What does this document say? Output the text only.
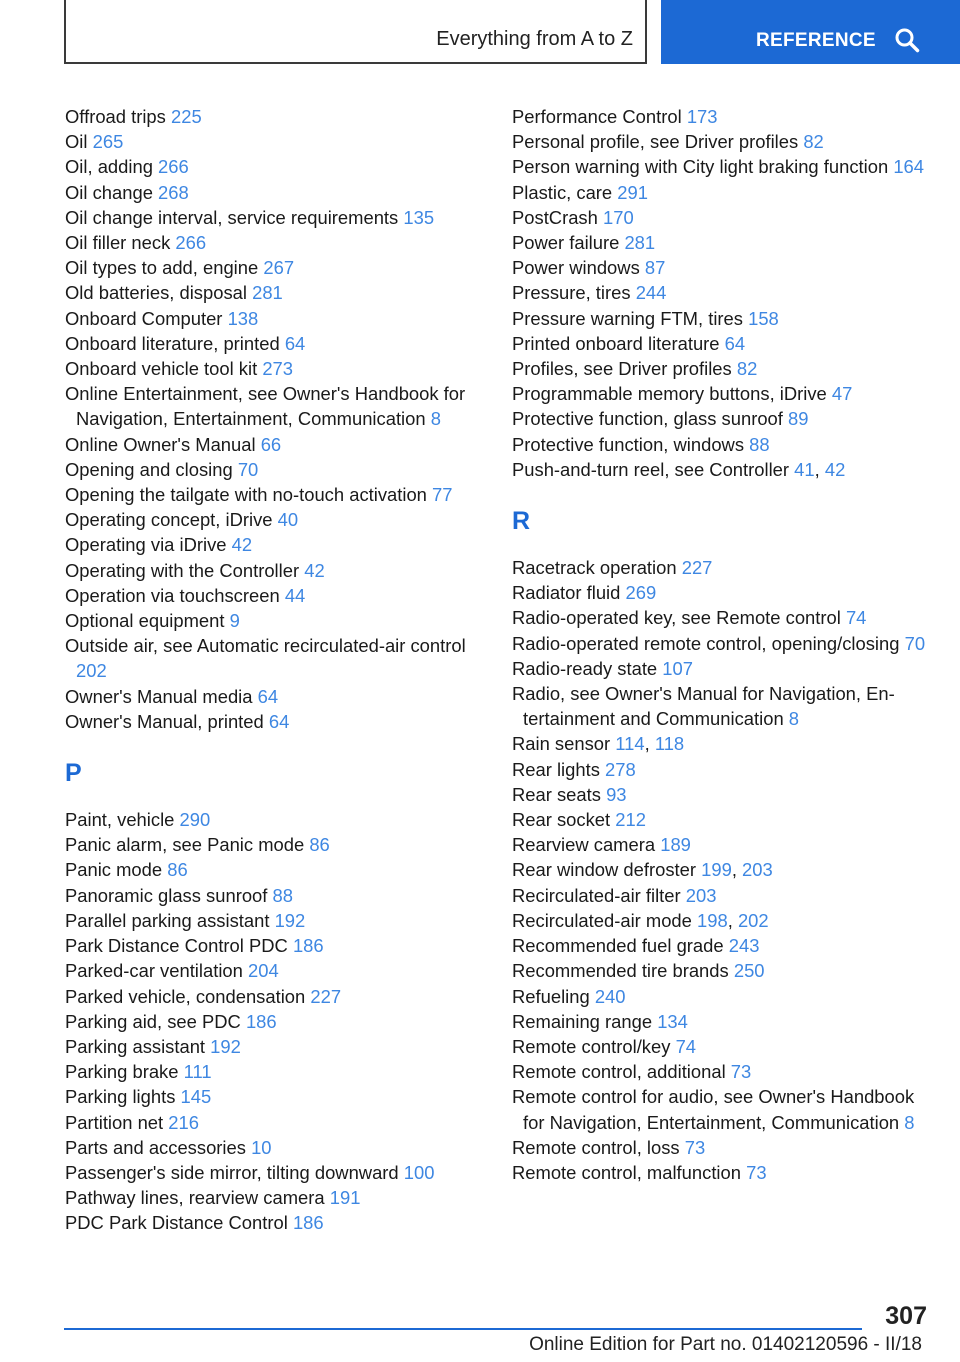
Everything from A to Z	REFERENCE
Offroad trips 225
Oil 265
Oil, adding 266
Oil change 268
Oil change interval, service requirements 135
Oil filler neck 266
Oil types to add, engine 267
Old batteries, disposal 281
Onboard Computer 138
Onboard literature, printed 64
Onboard vehicle tool kit 273
Online Entertainment, see Owner's Handbook for Navigation, Entertainment, Communication 8
Online Owner's Manual 66
Opening and closing 70
Opening the tailgate with no-touch activation 77
Operating concept, iDrive 40
Operating via iDrive 42
Operating with the Controller 42
Operation via touchscreen 44
Optional equipment 9
Outside air, see Automatic recirculated-air control 202
Owner's Manual media 64
Owner's Manual, printed 64
P
Paint, vehicle 290
Panic alarm, see Panic mode 86
Panic mode 86
Panoramic glass sunroof 88
Parallel parking assistant 192
Park Distance Control PDC 186
Parked-car ventilation 204
Parked vehicle, condensation 227
Parking aid, see PDC 186
Parking assistant 192
Parking brake 111
Parking lights 145
Partition net 216
Parts and accessories 10
Passenger's side mirror, tilting downward 100
Pathway lines, rearview camera 191
PDC Park Distance Control 186
Performance Control 173
Personal profile, see Driver profiles 82
Person warning with City light braking function 164
Plastic, care 291
PostCrash 170
Power failure 281
Power windows 87
Pressure, tires 244
Pressure warning FTM, tires 158
Printed onboard literature 64
Profiles, see Driver profiles 82
Programmable memory buttons, iDrive 47
Protective function, glass sunroof 89
Protective function, windows 88
Push-and-turn reel, see Controller 41, 42
R
Racetrack operation 227
Radiator fluid 269
Radio-operated key, see Remote control 74
Radio-operated remote control, opening/closing 70
Radio-ready state 107
Radio, see Owner's Manual for Navigation, Entertainment and Communication 8
Rain sensor 114, 118
Rear lights 278
Rear seats 93
Rear socket 212
Rearview camera 189
Rear window defroster 199, 203
Recirculated-air filter 203
Recirculated-air mode 198, 202
Recommended fuel grade 243
Recommended tire brands 250
Refueling 240
Remaining range 134
Remote control/key 74
Remote control, additional 73
Remote control for audio, see Owner's Handbook for Navigation, Entertainment, Communication 8
Remote control, loss 73
Remote control, malfunction 73
307
Online Edition for Part no. 01402120596 - II/18
